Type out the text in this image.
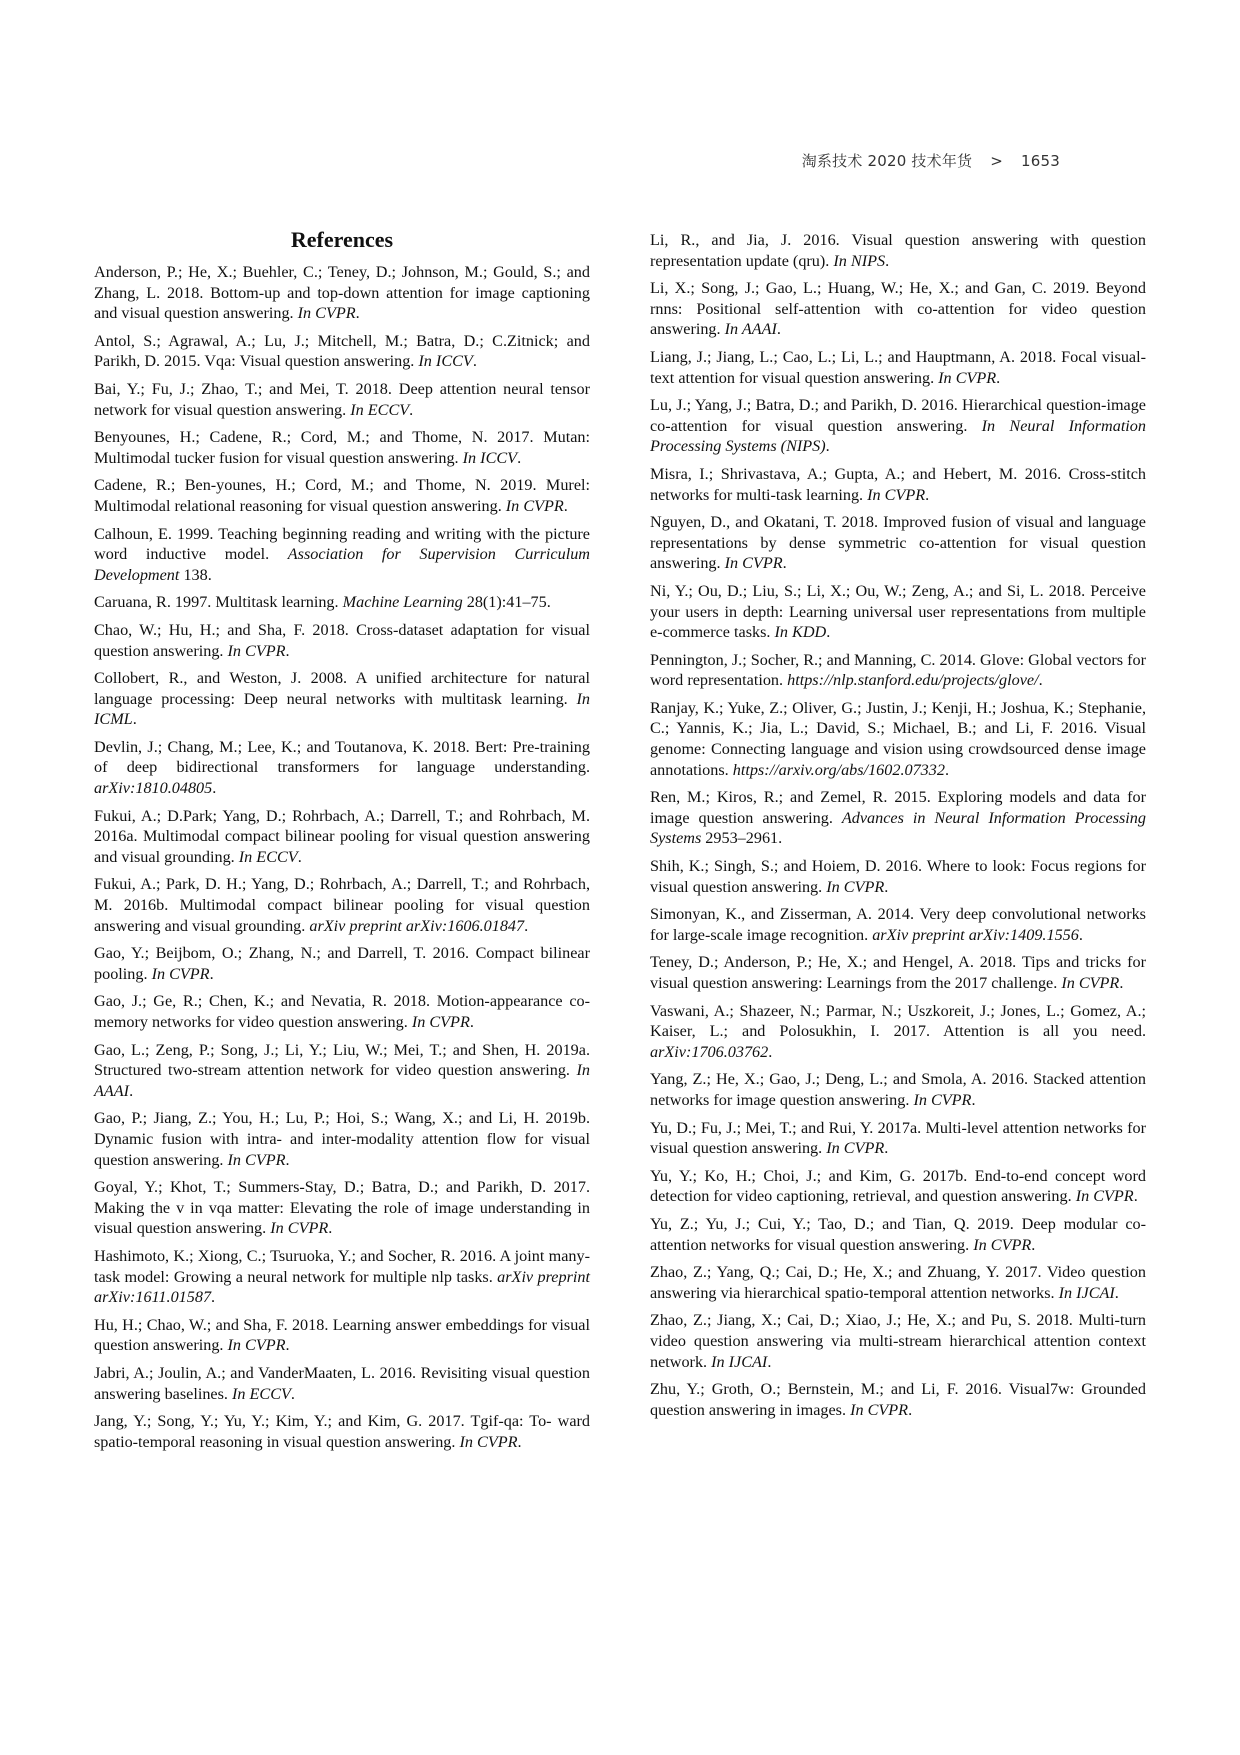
淘系技术 2020 技术年货 > 1653
References
Anderson, P.; He, X.; Buehler, C.; Teney, D.; Johnson, M.; Gould, S.; and Zhang, L. 2018. Bottom-up and top-down attention for image captioning and visual question answering. In CVPR.
Antol, S.; Agrawal, A.; Lu, J.; Mitchell, M.; Batra, D.; C.Zitnick; and Parikh, D. 2015. Vqa: Visual question answering. In ICCV.
Bai, Y.; Fu, J.; Zhao, T.; and Mei, T. 2018. Deep attention neural tensor network for visual question answering. In ECCV.
Benyounes, H.; Cadene, R.; Cord, M.; and Thome, N. 2017. Mutan: Multimodal tucker fusion for visual question answering. In ICCV.
Cadene, R.; Ben-younes, H.; Cord, M.; and Thome, N. 2019. Murel: Multimodal relational reasoning for visual question answering. In CVPR.
Calhoun, E. 1999. Teaching beginning reading and writing with the picture word inductive model. Association for Supervision Curriculum Development 138.
Caruana, R. 1997. Multitask learning. Machine Learning 28(1):41–75.
Chao, W.; Hu, H.; and Sha, F. 2018. Cross-dataset adaptation for visual question answering. In CVPR.
Collobert, R., and Weston, J. 2008. A unified architecture for natural language processing: Deep neural networks with multitask learning. In ICML.
Devlin, J.; Chang, M.; Lee, K.; and Toutanova, K. 2018. Bert: Pre-training of deep bidirectional transformers for language understanding. arXiv:1810.04805.
Fukui, A.; D.Park; Yang, D.; Rohrbach, A.; Darrell, T.; and Rohrbach, M. 2016a. Multimodal compact bilinear pooling for visual question answering and visual grounding. In ECCV.
Fukui, A.; Park, D. H.; Yang, D.; Rohrbach, A.; Darrell, T.; and Rohrbach, M. 2016b. Multimodal compact bilinear pooling for visual question answering and visual grounding. arXiv preprint arXiv:1606.01847.
Gao, Y.; Beijbom, O.; Zhang, N.; and Darrell, T. 2016. Compact bilinear pooling. In CVPR.
Gao, J.; Ge, R.; Chen, K.; and Nevatia, R. 2018. Motion-appearance co-memory networks for video question answering. In CVPR.
Gao, L.; Zeng, P.; Song, J.; Li, Y.; Liu, W.; Mei, T.; and Shen, H. 2019a. Structured two-stream attention network for video question answering. In AAAI.
Gao, P.; Jiang, Z.; You, H.; Lu, P.; Hoi, S.; Wang, X.; and Li, H. 2019b. Dynamic fusion with intra- and inter-modality attention flow for visual question answering. In CVPR.
Goyal, Y.; Khot, T.; Summers-Stay, D.; Batra, D.; and Parikh, D. 2017. Making the v in vqa matter: Elevating the role of image understanding in visual question answering. In CVPR.
Hashimoto, K.; Xiong, C.; Tsuruoka, Y.; and Socher, R. 2016. A joint many-task model: Growing a neural network for multiple nlp tasks. arXiv preprint arXiv:1611.01587.
Hu, H.; Chao, W.; and Sha, F. 2018. Learning answer embeddings for visual question answering. In CVPR.
Jabri, A.; Joulin, A.; and VanderMaaten, L. 2016. Revisiting visual question answering baselines. In ECCV.
Jang, Y.; Song, Y.; Yu, Y.; Kim, Y.; and Kim, G. 2017. Tgif-qa: To- ward spatio-temporal reasoning in visual question answering. In CVPR.
Li, R., and Jia, J. 2016. Visual question answering with question representation update (qru). In NIPS.
Li, X.; Song, J.; Gao, L.; Huang, W.; He, X.; and Gan, C. 2019. Beyond rnns: Positional self-attention with co-attention for video question answering. In AAAI.
Liang, J.; Jiang, L.; Cao, L.; Li, L.; and Hauptmann, A. 2018. Focal visual-text attention for visual question answering. In CVPR.
Lu, J.; Yang, J.; Batra, D.; and Parikh, D. 2016. Hierarchical question-image co-attention for visual question answering. In Neural Information Processing Systems (NIPS).
Misra, I.; Shrivastava, A.; Gupta, A.; and Hebert, M. 2016. Cross-stitch networks for multi-task learning. In CVPR.
Nguyen, D., and Okatani, T. 2018. Improved fusion of visual and language representations by dense symmetric co-attention for visual question answering. In CVPR.
Ni, Y.; Ou, D.; Liu, S.; Li, X.; Ou, W.; Zeng, A.; and Si, L. 2018. Perceive your users in depth: Learning universal user representations from multiple e-commerce tasks. In KDD.
Pennington, J.; Socher, R.; and Manning, C. 2014. Glove: Global vectors for word representation. https://nlp.stanford.edu/projects/glove/.
Ranjay, K.; Yuke, Z.; Oliver, G.; Justin, J.; Kenji, H.; Joshua, K.; Stephanie, C.; Yannis, K.; Jia, L.; David, S.; Michael, B.; and Li, F. 2016. Visual genome: Connecting language and vision using crowdsourced dense image annotations. https://arxiv.org/abs/1602.07332.
Ren, M.; Kiros, R.; and Zemel, R. 2015. Exploring models and data for image question answering. Advances in Neural Information Processing Systems 2953–2961.
Shih, K.; Singh, S.; and Hoiem, D. 2016. Where to look: Focus regions for visual question answering. In CVPR.
Simonyan, K., and Zisserman, A. 2014. Very deep convolutional networks for large-scale image recognition. arXiv preprint arXiv:1409.1556.
Teney, D.; Anderson, P.; He, X.; and Hengel, A. 2018. Tips and tricks for visual question answering: Learnings from the 2017 challenge. In CVPR.
Vaswani, A.; Shazeer, N.; Parmar, N.; Uszkoreit, J.; Jones, L.; Gomez, A.; Kaiser, L.; and Polosukhin, I. 2017. Attention is all you need. arXiv:1706.03762.
Yang, Z.; He, X.; Gao, J.; Deng, L.; and Smola, A. 2016. Stacked attention networks for image question answering. In CVPR.
Yu, D.; Fu, J.; Mei, T.; and Rui, Y. 2017a. Multi-level attention networks for visual question answering. In CVPR.
Yu, Y.; Ko, H.; Choi, J.; and Kim, G. 2017b. End-to-end concept word detection for video captioning, retrieval, and question answering. In CVPR.
Yu, Z.; Yu, J.; Cui, Y.; Tao, D.; and Tian, Q. 2019. Deep modular co-attention networks for visual question answering. In CVPR.
Zhao, Z.; Yang, Q.; Cai, D.; He, X.; and Zhuang, Y. 2017. Video question answering via hierarchical spatio-temporal attention networks. In IJCAI.
Zhao, Z.; Jiang, X.; Cai, D.; Xiao, J.; He, X.; and Pu, S. 2018. Multi-turn video question answering via multi-stream hierarchical attention context network. In IJCAI.
Zhu, Y.; Groth, O.; Bernstein, M.; and Li, F. 2016. Visual7w: Grounded question answering in images. In CVPR.
